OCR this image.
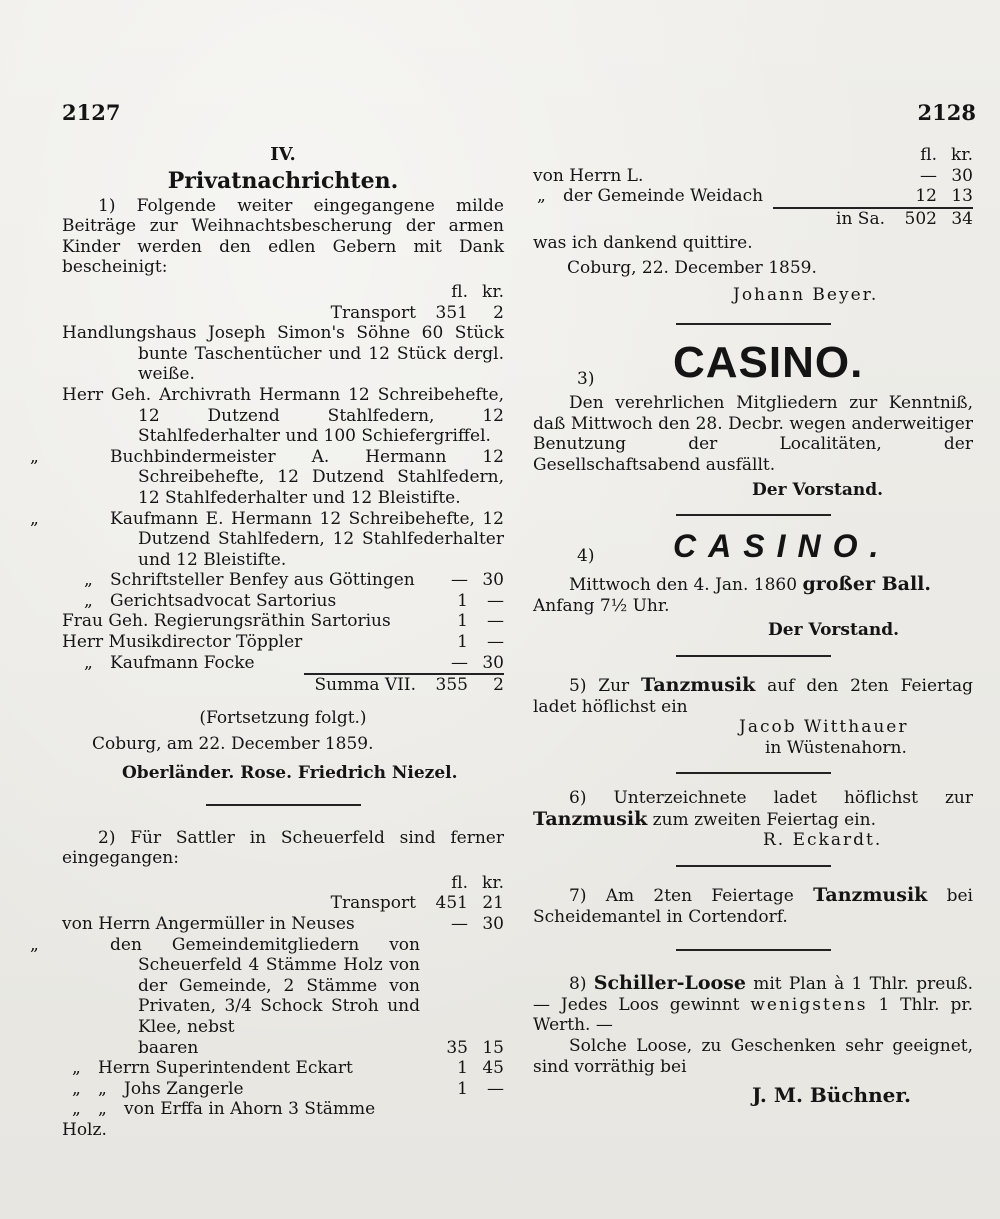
2127	2128
IV.
Privatnachrichten.
1) Folgende weiter eingegangene milde Beiträge zur Weihnachtsbescherung der armen Kinder werden den edlen Gebern mit Dank bescheinigt:
fl. kr.
Transport	351	2
Handlungshaus Joseph Simon's Söhne 60 Stück bunte Taschentücher und 12 Stück dergl. weiße.
Herr Geh. Archivrath Hermann 12 Schreibehefte, 12 Dutzend Stahlfedern, 12 Stahlfederhalter und 100 Schiefergriffel.
„	Buchbindermeister A. Hermann 12 Schreibehefte, 12 Dutzend Stahlfedern, 12 Stahlfederhalter und 12 Bleistifte.
„	Kaufmann E. Hermann 12 Schreibehefte, 12 Dutzend Stahlfedern, 12 Stahlfederhalter und 12 Bleistifte.
„ Schriftsteller Benfey aus Göttingen	— 30
„ Gerichtsadvocat Sartorius	1	—
Frau Geh. Regierungsräthin Sartorius	1	—
Herr Musikdirector Töppler	1	—
„ Kaufmann Focke	— 30
Summa VII.	355	2
(Fortsetzung folgt.)
Coburg, am 22. December 1859.
Oberländer. Rose. Friedrich Niezel.
2) Für Sattler in Scheuerfeld sind ferner eingegangen:
fl. kr.
Transport	451 21
von Herrn Angermüller in Neuses	— 30
„	den Gemeindemitgliedern von Scheuerfeld 4 Stämme Holz von der Gemeinde, 2 Stämme von Privaten, 3/4 Schock Stroh und Klee, nebst
baaren	35 15
„ Herrn Superintendent Eckart	1 45
„ „ Johs Zangerle	1	—
„ „ von Erffa in Ahorn 3 Stämme
Holz.
fl. kr.
von Herrn L.	— 30
„ der Gemeinde Weidach	12 13
in Sa.	502 34
was ich dankend quittire.
Coburg, 22. December 1859.
Johann Beyer.
3)	CASINO.
Den verehrlichen Mitgliedern zur Kenntniß, daß Mittwoch den 28. Decbr. wegen anderweitiger Benutzung der Localitäten, der Gesellschaftsabend ausfällt.
Der Vorstand.
4)	CASINO.
Mittwoch den 4. Jan. 1860 großer Ball.
Anfang 7½ Uhr.
Der Vorstand.
5) Zur Tanzmusik auf den 2ten Feiertag ladet höflichst ein
Jacob Witthauer
in Wüstenahorn.
6) Unterzeichnete ladet höflichst zur Tanzmusik zum zweiten Feiertag ein.
R. Eckardt.
7) Am 2ten Feiertage Tanzmusik bei Scheidemantel in Cortendorf.
8) Schiller-Loose mit Plan à 1 Thlr. preuß. — Jedes Loos gewinnt wenigstens 1 Thlr. pr. Werth. —
Solche Loose, zu Geschenken sehr geeignet, sind vorräthig bei
J. M. Büchner.
